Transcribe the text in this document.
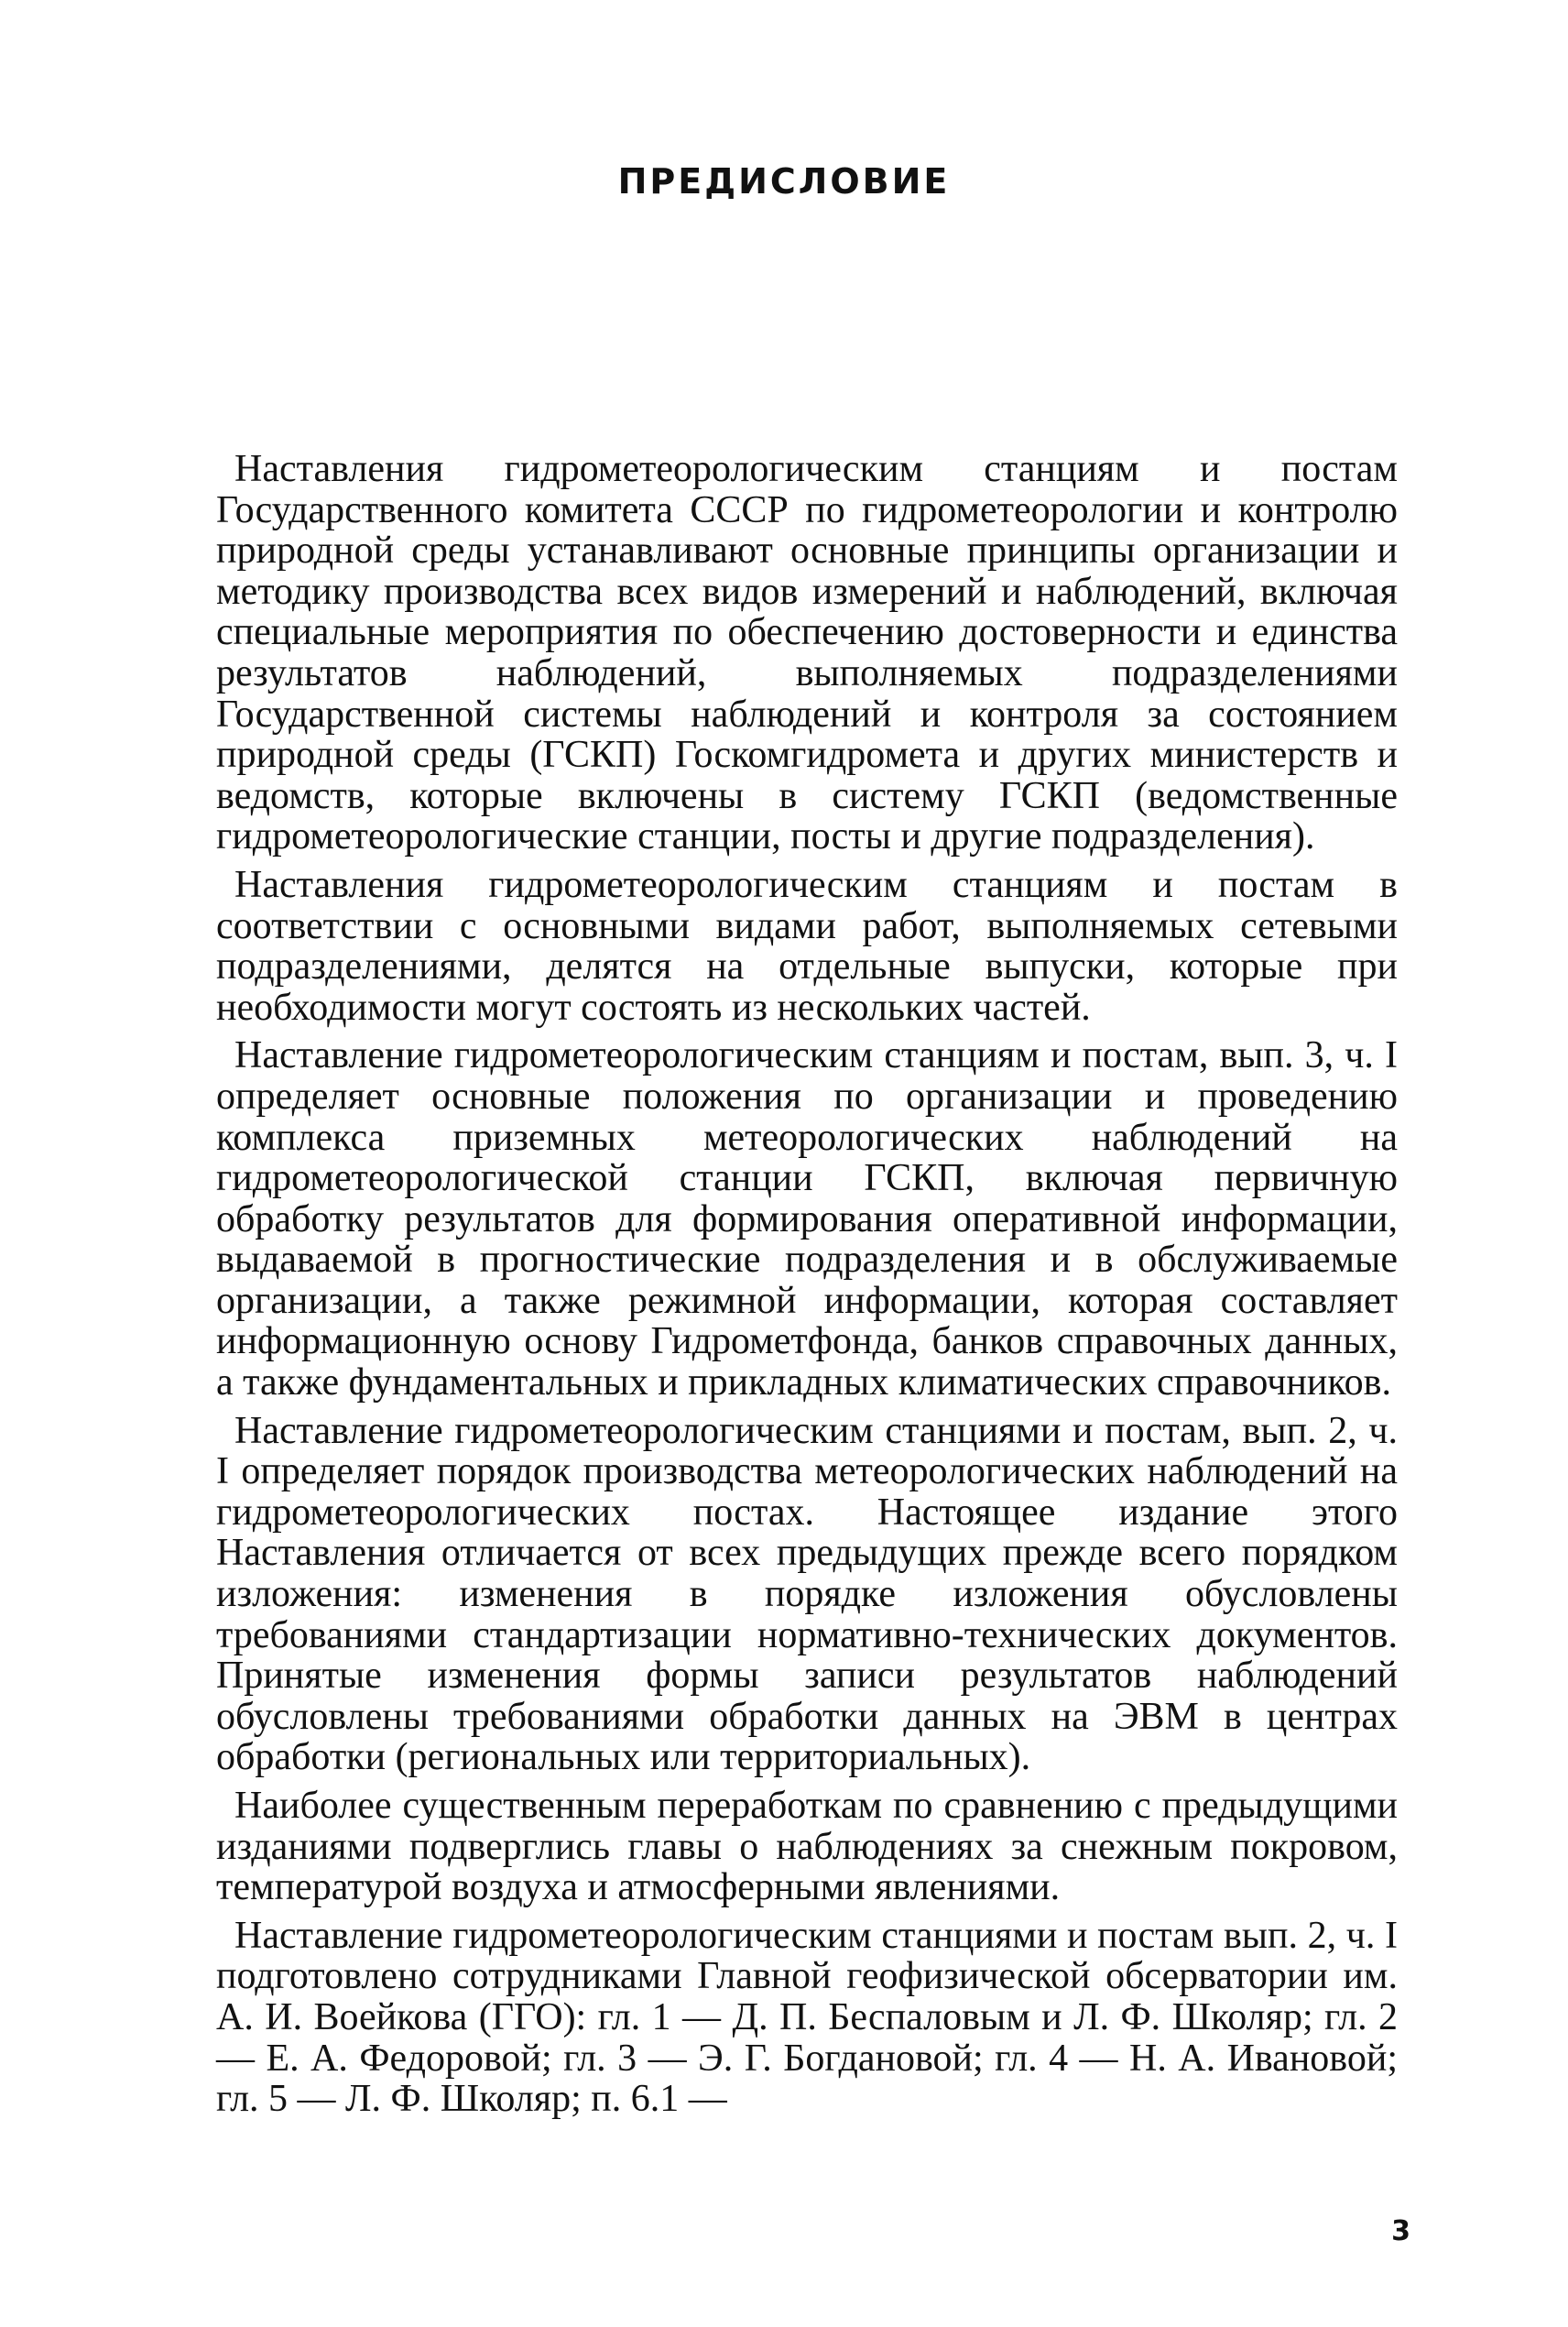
ПРЕДИСЛОВИЕ

Наставления гидрометеорологическим станциям и постам Государственного комитета СССР по гидрометеорологии и контролю природной среды устанавливают основные принципы организации и методику производства всех видов измерений и наблюдений, включая специальные мероприятия по обеспечению достоверности и единства результатов наблюдений, выполняемых подразделениями Государственной системы наблюдений и контроля за состоянием природной среды (ГСКП) Госкомгидромета и других министерств и ведомств, которые включены в систему ГСКП (ведомственные гидрометеорологические станции, посты и другие подразделения).

Наставления гидрометеорологическим станциям и постам в соответствии с основными видами работ, выполняемых сетевыми подразделениями, делятся на отдельные выпуски, которые при необходимости могут состоять из нескольких частей.

Наставление гидрометеорологическим станциям и постам, вып. 3, ч. I определяет основные положения по организации и проведению комплекса приземных метеорологических наблюдений на гидрометеорологической станции ГСКП, включая первичную обработку результатов для формирования оперативной информации, выдаваемой в прогностические подразделения и в обслуживаемые организации, а также режимной информации, которая составляет информационную основу Гидрометфонда, банков справочных данных, а также фундаментальных и прикладных климатических справочников.

Наставление гидрометеорологическим станциями и постам, вып. 2, ч. I определяет порядок производства метеорологических наблюдений на гидрометеорологических постах. Настоящее издание этого Наставления отличается от всех предыдущих прежде всего порядком изложения: изменения в порядке изложения обусловлены требованиями стандартизации нормативно-технических документов. Принятые изменения формы записи результатов наблюдений обусловлены требованиями обработки данных на ЭВМ в центрах обработки (региональных или территориальных).

Наиболее существенным переработкам по сравнению с предыдущими изданиями подверглись главы о наблюдениях за снежным покровом, температурой воздуха и атмосферными явлениями.

Наставление гидрометеорологическим станциями и постам вып. 2, ч. I подготовлено сотрудниками Главной геофизической обсерватории им. А. И. Воейкова (ГГО): гл. 1 — Д. П. Беспаловым и Л. Ф. Школяр; гл. 2 — Е. А. Федоровой; гл. 3 — Э. Г. Богдановой; гл. 4 — Н. А. Ивановой; гл. 5 — Л. Ф. Школяр; п. 6.1 —

3
